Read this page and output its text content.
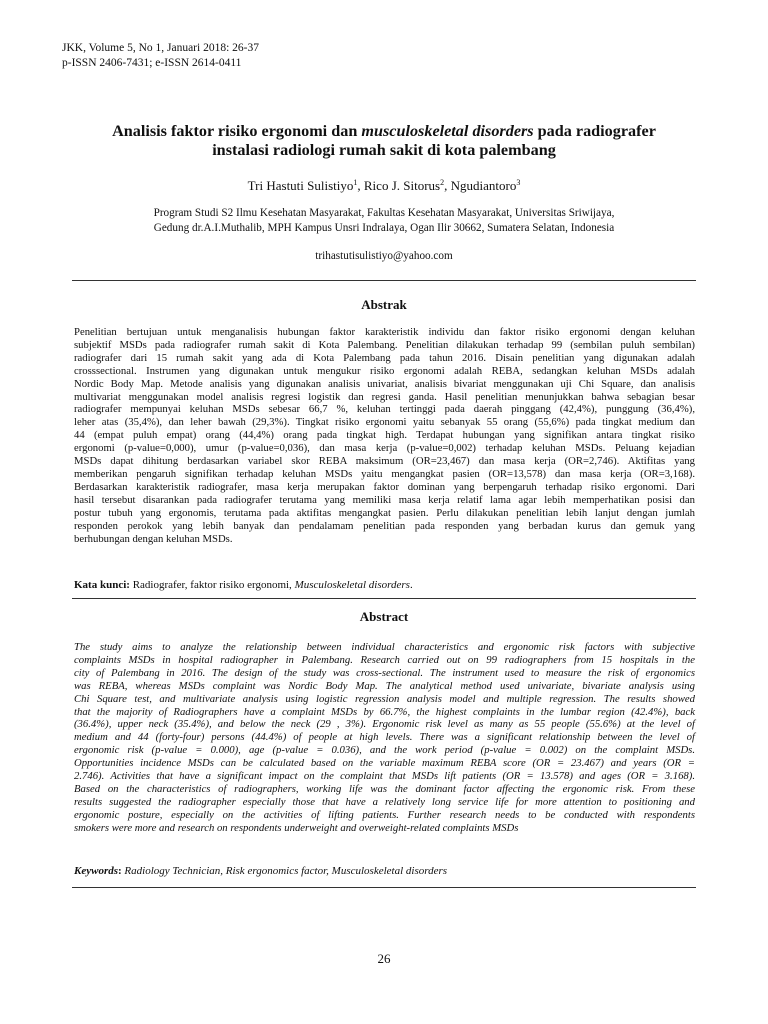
JKK, Volume 5, No 1, Januari 2018: 26-37
p-ISSN 2406-7431; e-ISSN 2614-0411
Analisis faktor risiko ergonomi dan musculoskeletal disorders pada radiografer
instalasi radiologi rumah sakit di kota palembang
Tri Hastuti Sulistiyo$^1$, Rico J. Sitorus$^2$, Ngudiantoro$^3$
Program Studi S2 Ilmu Kesehatan Masyarakat, Fakultas Kesehatan Masyarakat, Universitas Sriwijaya,
Gedung dr.A.I.Muthalib, MPH Kampus Unsri Indralaya, Ogan Ilir 30662, Sumatera Selatan, Indonesia
trihastutisulistiyo@yahoo.com
Abstrak
Penelitian bertujuan untuk menganalisis hubungan faktor karakteristik individu dan faktor risiko ergonomi dengan keluhan
subjektif MSDs pada radiografer rumah sakit di Kota Palembang. Penelitian dilakukan terhadap 99 (sembilan puluh sembilan)
radiografer dari 15 rumah sakit yang ada di Kota Palembang pada tahun 2016. Disain penelitian yang digunakan adalah
crosssectional. Instrumen yang digunakan untuk mengukur risiko ergonomi adalah REBA, sedangkan keluhan MSDs adalah
Nordic Body Map. Metode analisis yang digunakan analisis univariat, analisis bivariat menggunakan uji Chi Square, dan analisis
multivariat menggunakan model analisis regresi logistik dan regresi ganda. Hasil penelitian menunjukkan bahwa sebagian besar
radiografer mempunyai keluhan MSDs sebesar 66,7 %, keluhan tertinggi pada daerah pinggang (42,4%), punggung (36,4%),
leher atas (35,4%), dan leher bawah (29,3%). Tingkat risiko ergonomi yaitu sebanyak 55 orang (55,6%) pada tingkat medium dan
44 (empat puluh empat) orang (44,4%) orang pada tingkat high. Terdapat hubungan yang signifikan antara tingkat risiko
ergonomi (p-value=0,000), umur (p-value=0,036), dan masa kerja (p-value=0,002) terhadap keluhan MSDs. Peluang kejadian
MSDs dapat dihitung berdasarkan variabel skor REBA maksimum (OR=23,467) dan masa kerja (OR=2,746). Aktifitas yang
memberikan pengaruh signifikan terhadap keluhan MSDs yaitu mengangkat pasien (OR=13,578) dan masa kerja (OR=3,168).
Berdasarkan karakteristik radiografer, masa kerja merupakan faktor dominan yang berpengaruh terhadap risiko ergonomi. Dari
hasil tersebut disarankan pada radiografer terutama yang memiliki masa kerja relatif lama agar lebih memperhatikan posisi dan
postur tubuh yang ergonomis, terutama pada aktifitas mengangkat pasien. Perlu dilakukan penelitian lebih lanjut dengan jumlah
responden perokok yang lebih banyak dan pendalamam penelitian pada responden yang berbadan kurus dan gemuk yang
berhubungan dengan keluhan MSDs.
Kata kunci: Radiografer, faktor risiko ergonomi, Musculoskeletal disorders.
Abstract
The study aims to analyze the relationship between individual characteristics and ergonomic risk factors with subjective
complaints MSDs in hospital radiographer in Palembang. Research carried out on 99 radiographers from 15 hospitals in the
city of Palembang in 2016. The design of the study was cross-sectional. The instrument used to measure the risk of ergonomics
was REBA, whereas MSDs complaint was Nordic Body Map. The analytical method used univariate, bivariate analysis using
Chi Square test, and multivariate analysis using logistic regression analysis model and multiple regression. The results showed
that the majority of Radiographers have a complaint MSDs by 66.7%, the highest complaints in the lumbar region (42.4%), back
(36.4%), upper neck (35.4%), and below the neck (29 , 3%). Ergonomic risk level as many as 55 people (55.6%) at the level of
medium and 44 (forty-four) persons (44.4%) of people at high levels. There was a significant relationship between the level of
ergonomic risk (p-value = 0.000), age (p-value = 0.036), and the work period (p-value = 0.002) on the complaint MSDs.
Opportunities incidence MSDs can be calculated based on the variable maximum REBA score (OR = 23.467) and years (OR =
2.746). Activities that have a significant impact on the complaint that MSDs lift patients (OR = 13.578) and ages (OR = 3.168).
Based on the characteristics of radiographers, working life was the dominant factor affecting the ergonomic risk. From these
results suggested the radiographer especially those that have a relatively long service life for more attention to positioning and
ergonomic posture, especially on the activities of lifting patients. Further research needs to be conducted with respondents
smokers were more and research on respondents underweight and overweight-related complaints MSDs
Keywords: Radiology Technician, Risk ergonomics factor, Musculoskeletal disorders
26
